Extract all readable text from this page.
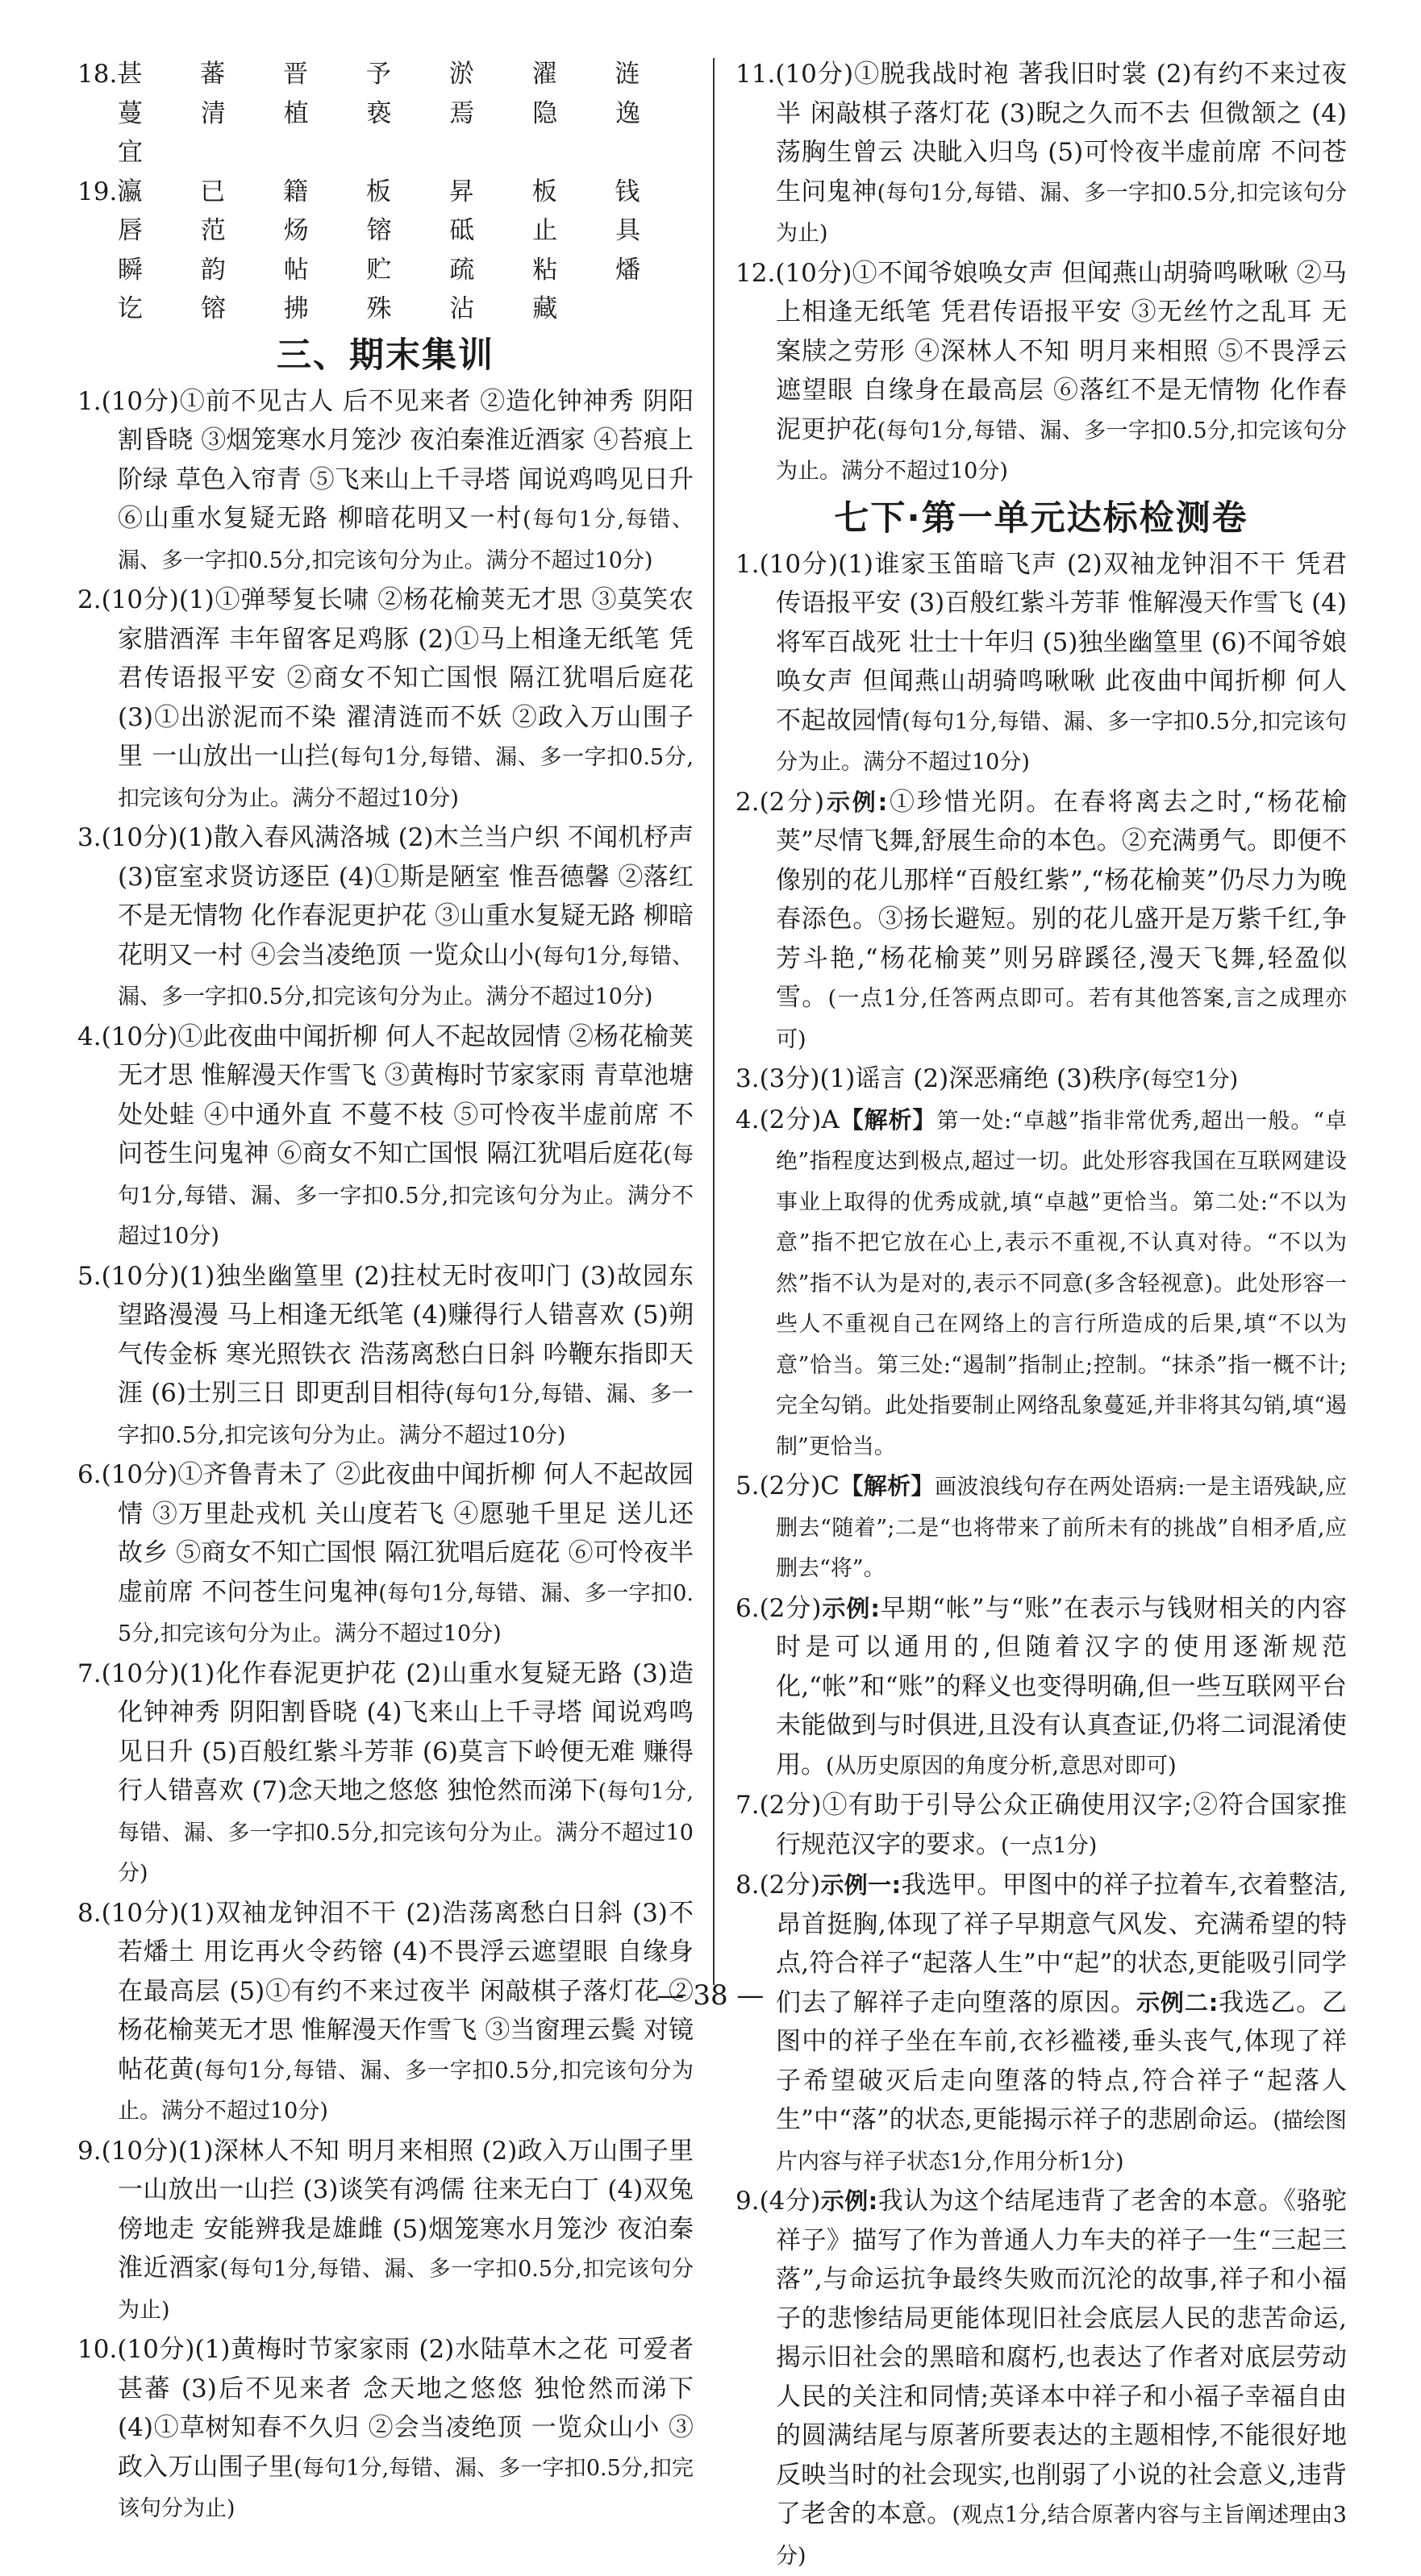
18.甚 蕃 晋 予 淤 濯 涟 蔓 清 植 亵 焉 隐 逸 宜

19.瀛 已 籍 板 昇 板 钱 唇 范 炀 镕 砥 止 具 瞬 韵 帖 贮 疏 粘 燔 讫 镕 拂 殊 沾 藏

三、期末集训

1.(10分)①前不见古人 后不见来者 ②造化钟神秀 阴阳割昏晓 ③烟笼寒水月笼沙 夜泊秦淮近酒家 ④苔痕上阶绿 草色入帘青 ⑤飞来山上千寻塔 闻说鸡鸣见日升 ⑥山重水复疑无路 柳暗花明又一村(每句1分,每错、漏、多一字扣0.5分,扣完该句分为止。满分不超过10分)

2.(10分)(1)①弹琴复长啸 ②杨花榆荚无才思 ③莫笑农家腊酒浑 丰年留客足鸡豚 (2)①马上相逢无纸笔 凭君传语报平安 ②商女不知亡国恨 隔江犹唱后庭花 (3)①出淤泥而不染 濯清涟而不妖 ②政入万山围子里 一山放出一山拦(每句1分,每错、漏、多一字扣0.5分,扣完该句分为止。满分不超过10分)

3.(10分)(1)散入春风满洛城 (2)木兰当户织 不闻机杼声 (3)宦室求贤访逐臣 (4)①斯是陋室 惟吾德馨 ②落红不是无情物 化作春泥更护花 ③山重水复疑无路 柳暗花明又一村 ④会当凌绝顶 一览众山小(每句1分,每错、漏、多一字扣0.5分,扣完该句分为止。满分不超过10分)

4.(10分)①此夜曲中闻折柳 何人不起故园情 ②杨花榆荚无才思 惟解漫天作雪飞 ③黄梅时节家家雨 青草池塘处处蛙 ④中通外直 不蔓不枝 ⑤可怜夜半虚前席 不问苍生问鬼神 ⑥商女不知亡国恨 隔江犹唱后庭花(每句1分,每错、漏、多一字扣0.5分,扣完该句分为止。满分不超过10分)

5.(10分)(1)独坐幽篁里 (2)拄杖无时夜叩门 (3)故园东望路漫漫 马上相逢无纸笔 (4)赚得行人错喜欢 (5)朔气传金柝 寒光照铁衣 浩荡离愁白日斜 吟鞭东指即天涯 (6)士别三日 即更刮目相待(每句1分,每错、漏、多一字扣0.5分,扣完该句分为止。满分不超过10分)

6.(10分)①齐鲁青未了 ②此夜曲中闻折柳 何人不起故园情 ③万里赴戎机 关山度若飞 ④愿驰千里足 送儿还故乡 ⑤商女不知亡国恨 隔江犹唱后庭花 ⑥可怜夜半虚前席 不问苍生问鬼神(每句1分,每错、漏、多一字扣0.5分,扣完该句分为止。满分不超过10分)

7.(10分)(1)化作春泥更护花 (2)山重水复疑无路 (3)造化钟神秀 阴阳割昏晓 (4)飞来山上千寻塔 闻说鸡鸣见日升 (5)百般红紫斗芳菲 (6)莫言下岭便无难 赚得行人错喜欢 (7)念天地之悠悠 独怆然而涕下(每句1分,每错、漏、多一字扣0.5分,扣完该句分为止。满分不超过10分)

8.(10分)(1)双袖龙钟泪不干 (2)浩荡离愁白日斜 (3)不若燔土 用讫再火令药镕 (4)不畏浮云遮望眼 自缘身在最高层 (5)①有约不来过夜半 闲敲棋子落灯花 ②杨花榆荚无才思 惟解漫天作雪飞 ③当窗理云鬓 对镜帖花黄(每句1分,每错、漏、多一字扣0.5分,扣完该句分为止。满分不超过10分)

9.(10分)(1)深林人不知 明月来相照 (2)政入万山围子里 一山放出一山拦 (3)谈笑有鸿儒 往来无白丁 (4)双兔傍地走 安能辨我是雄雌 (5)烟笼寒水月笼沙 夜泊秦淮近酒家(每句1分,每错、漏、多一字扣0.5分,扣完该句分为止)

10.(10分)(1)黄梅时节家家雨 (2)水陆草木之花 可爱者甚蕃 (3)后不见来者 念天地之悠悠 独怆然而涕下 (4)①草树知春不久归 ②会当凌绝顶 一览众山小 ③政入万山围子里(每句1分,每错、漏、多一字扣0.5分,扣完该句分为止)

11.(10分)①脱我战时袍 著我旧时裳 (2)有约不来过夜半 闲敲棋子落灯花 (3)睨之久而不去 但微颔之 (4)荡胸生曾云 决眦入归鸟 (5)可怜夜半虚前席 不问苍生问鬼神(每句1分,每错、漏、多一字扣0.5分,扣完该句分为止)

12.(10分)①不闻爷娘唤女声 但闻燕山胡骑鸣啾啾 ②马上相逢无纸笔 凭君传语报平安 ③无丝竹之乱耳 无案牍之劳形 ④深林人不知 明月来相照 ⑤不畏浮云遮望眼 自缘身在最高层 ⑥落红不是无情物 化作春泥更护花(每句1分,每错、漏、多一字扣0.5分,扣完该句分为止。满分不超过10分)

七下·第一单元达标检测卷

1.(10分)(1)谁家玉笛暗飞声 (2)双袖龙钟泪不干 凭君传语报平安 (3)百般红紫斗芳菲 惟解漫天作雪飞 (4)将军百战死 壮士十年归 (5)独坐幽篁里 (6)不闻爷娘唤女声 但闻燕山胡骑鸣啾啾 此夜曲中闻折柳 何人不起故园情(每句1分,每错、漏、多一字扣0.5分,扣完该句分为止。满分不超过10分)

2.(2分)示例:①珍惜光阴。在春将离去之时,“杨花榆荚”尽情飞舞,舒展生命的本色。②充满勇气。即便不像别的花儿那样“百般红紫”,“杨花榆荚”仍尽力为晚春添色。③扬长避短。别的花儿盛开是万紫千红,争芳斗艳,“杨花榆荚”则另辟蹊径,漫天飞舞,轻盈似雪。(一点1分,任答两点即可。若有其他答案,言之成理亦可)

3.(3分)(1)谣言 (2)深恶痛绝 (3)秩序(每空1分)

4.(2分)A【解析】第一处:“卓越”指非常优秀,超出一般。“卓绝”指程度达到极点,超过一切。此处形容我国在互联网建设事业上取得的优秀成就,填“卓越”更恰当。第二处:“不以为意”指不把它放在心上,表示不重视,不认真对待。“不以为然”指不认为是对的,表示不同意(多含轻视意)。此处形容一些人不重视自己在网络上的言行所造成的后果,填“不以为意”恰当。第三处:“遏制”指制止;控制。“抹杀”指一概不计;完全勾销。此处指要制止网络乱象蔓延,并非将其勾销,填“遏制”更恰当。

5.(2分)C【解析】画波浪线句存在两处语病:一是主语残缺,应删去“随着”;二是“也将带来了前所未有的挑战”自相矛盾,应删去“将”。

6.(2分)示例:早期“帐”与“账”在表示与钱财相关的内容时是可以通用的,但随着汉字的使用逐渐规范化,“帐”和“账”的释义也变得明确,但一些互联网平台未能做到与时俱进,且没有认真查证,仍将二词混淆使用。(从历史原因的角度分析,意思对即可)

7.(2分)①有助于引导公众正确使用汉字;②符合国家推行规范汉字的要求。(一点1分)

8.(2分)示例一:我选甲。甲图中的祥子拉着车,衣着整洁,昂首挺胸,体现了祥子早期意气风发、充满希望的特点,符合祥子“起落人生”中“起”的状态,更能吸引同学们去了解祥子走向堕落的原因。示例二:我选乙。乙图中的祥子坐在车前,衣衫褴褛,垂头丧气,体现了祥子希望破灭后走向堕落的特点,符合祥子“起落人生”中“落”的状态,更能揭示祥子的悲剧命运。(描绘图片内容与祥子状态1分,作用分析1分)

9.(4分)示例:我认为这个结尾违背了老舍的本意。《骆驼祥子》描写了作为普通人力车夫的祥子一生“三起三落”,与命运抗争最终失败而沉沦的故事,祥子和小福子的悲惨结局更能体现旧社会底层人民的悲苦命运,揭示旧社会的黑暗和腐朽,也表达了作者对底层劳动人民的关注和同情;英译本中祥子和小福子幸福自由的圆满结尾与原著所要表达的主题相悖,不能很好地反映当时的社会现实,也削弱了小说的社会意义,违背了老舍的本意。(观点1分,结合原著内容与主旨阐述理由3分)

— 38 —
